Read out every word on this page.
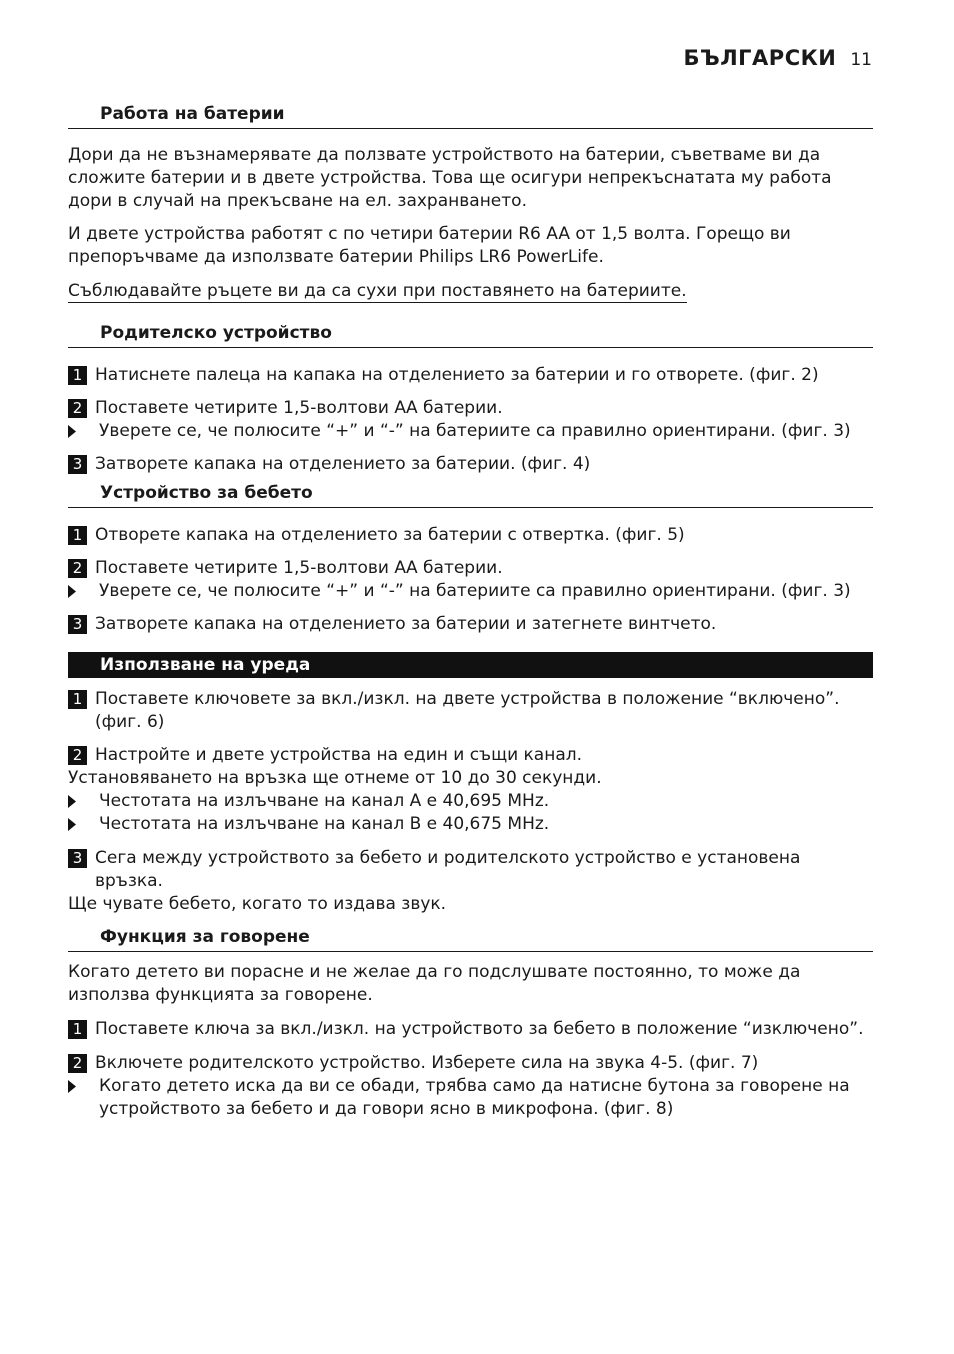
БЪЛГАРСКИ 11
Работа на батерии
Дори да не възнамерявате да ползвате устройството на батерии, съветваме ви да сложите батерии и в двете устройства. Това ще осигури непрекъснатата му работа дори в случай на прекъсване на ел. захранването.
И двете устройства работят с по четири батерии R6 AA от 1,5 волта. Горещо ви препоръчваме да използвате батерии Philips LR6 PowerLife.
Съблюдавайте ръцете ви да са сухи при поставянето на батериите.
Родителско устройство
1 Натиснете палеца на капака на отделението за батерии и го отворете. (фиг. 2)
2 Поставете четирите 1,5-волтови АА батерии.
Уверете се, че полюсите “+” и “-” на батериите са правилно ориентирани. (фиг. 3)
3 Затворете капака на отделението за батерии. (фиг. 4)
Устройство за бебето
1 Отворете капака на отделението за батерии с отвертка. (фиг. 5)
2 Поставете четирите 1,5-волтови АА батерии.
Уверете се, че полюсите “+” и “-” на батериите са правилно ориентирани. (фиг. 3)
3 Затворете капака на отделението за батерии и затегнете винтчето.
Използване на уреда
1 Поставете ключовете за вкл./изкл. на двете устройства в положение “включено”. (фиг. 6)
2 Настройте и двете устройства на един и същи канал.
Установяването на връзка ще отнеме от 10 до 30 секунди.
Честотата на излъчване на канал А е 40,695 MHz.
Честотата на излъчване на канал В е 40,675 MHz.
3 Сега между устройството за бебето и родителското устройство е установена връзка.
Ще чувате бебето, когато то издава звук.
Функция за говорене
Когато детето ви порасне и не желае да го подслушвате постоянно, то може да използва функцията за говорене.
1 Поставете ключа за вкл./изкл. на устройството за бебето в положение “изключено”.
2 Включете родителското устройство. Изберете сила на звука 4-5. (фиг. 7)
Когато детето иска да ви се обади, трябва само да натисне бутона за говорене на устройството за бебето и да говори ясно в микрофона. (фиг. 8)
